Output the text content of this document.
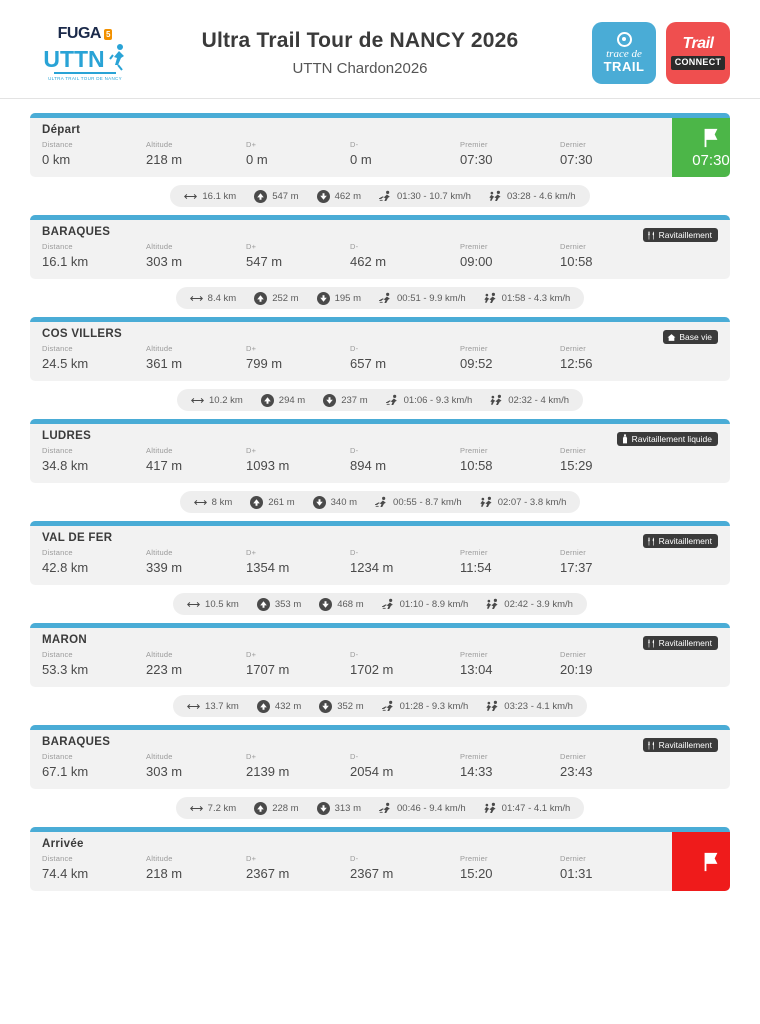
FUGA 5
UTTN
ULTRA TRAIL TOUR DE NANCY
Ultra Trail Tour de NANCY 2026
UTTN Chardon2026
trace de
TRAIL
Trail
CONNECT
Départ
Distance
0 km
Altitude
218 m
D+
0 m
D-
0 m
Premier
07:30
Dernier
07:30	07:30
16.1 km	547 m	462 m	01:30 - 10.7 km/h	03:28 - 4.6 km/h
Ravitaillement
BARAQUES
Distance
16.1 km
Altitude
303 m
D+
547 m
D-
462 m
Premier
09:00
Dernier
10:58
8.4 km	252 m	195 m	00:51 - 9.9 km/h	01:58 - 4.3 km/h
Base vie
COS VILLERS
Distance
24.5 km
Altitude
361 m
D+
799 m
D-
657 m
Premier
09:52
Dernier
12:56
10.2 km	294 m	237 m	01:06 - 9.3 km/h	02:32 - 4 km/h
Ravitaillement liquide
LUDRES
Distance
34.8 km
Altitude
417 m
D+
1093 m
D-
894 m
Premier
10:58
Dernier
15:29
8 km	261 m	340 m	00:55 - 8.7 km/h	02:07 - 3.8 km/h
Ravitaillement
VAL DE FER
Distance
42.8 km
Altitude
339 m
D+
1354 m
D-
1234 m
Premier
11:54
Dernier
17:37
10.5 km	353 m	468 m	01:10 - 8.9 km/h	02:42 - 3.9 km/h
Ravitaillement
MARON
Distance
53.3 km
Altitude
223 m
D+
1707 m
D-
1702 m
Premier
13:04
Dernier
20:19
13.7 km	432 m	352 m	01:28 - 9.3 km/h	03:23 - 4.1 km/h
Ravitaillement
BARAQUES
Distance
67.1 km
Altitude
303 m
D+
2139 m
D-
2054 m
Premier
14:33
Dernier
23:43
7.2 km	228 m	313 m	00:46 - 9.4 km/h	01:47 - 4.1 km/h
Arrivée
Distance
74.4 km
Altitude
218 m
D+
2367 m
D-
2367 m
Premier
15:20
Dernier
01:31
